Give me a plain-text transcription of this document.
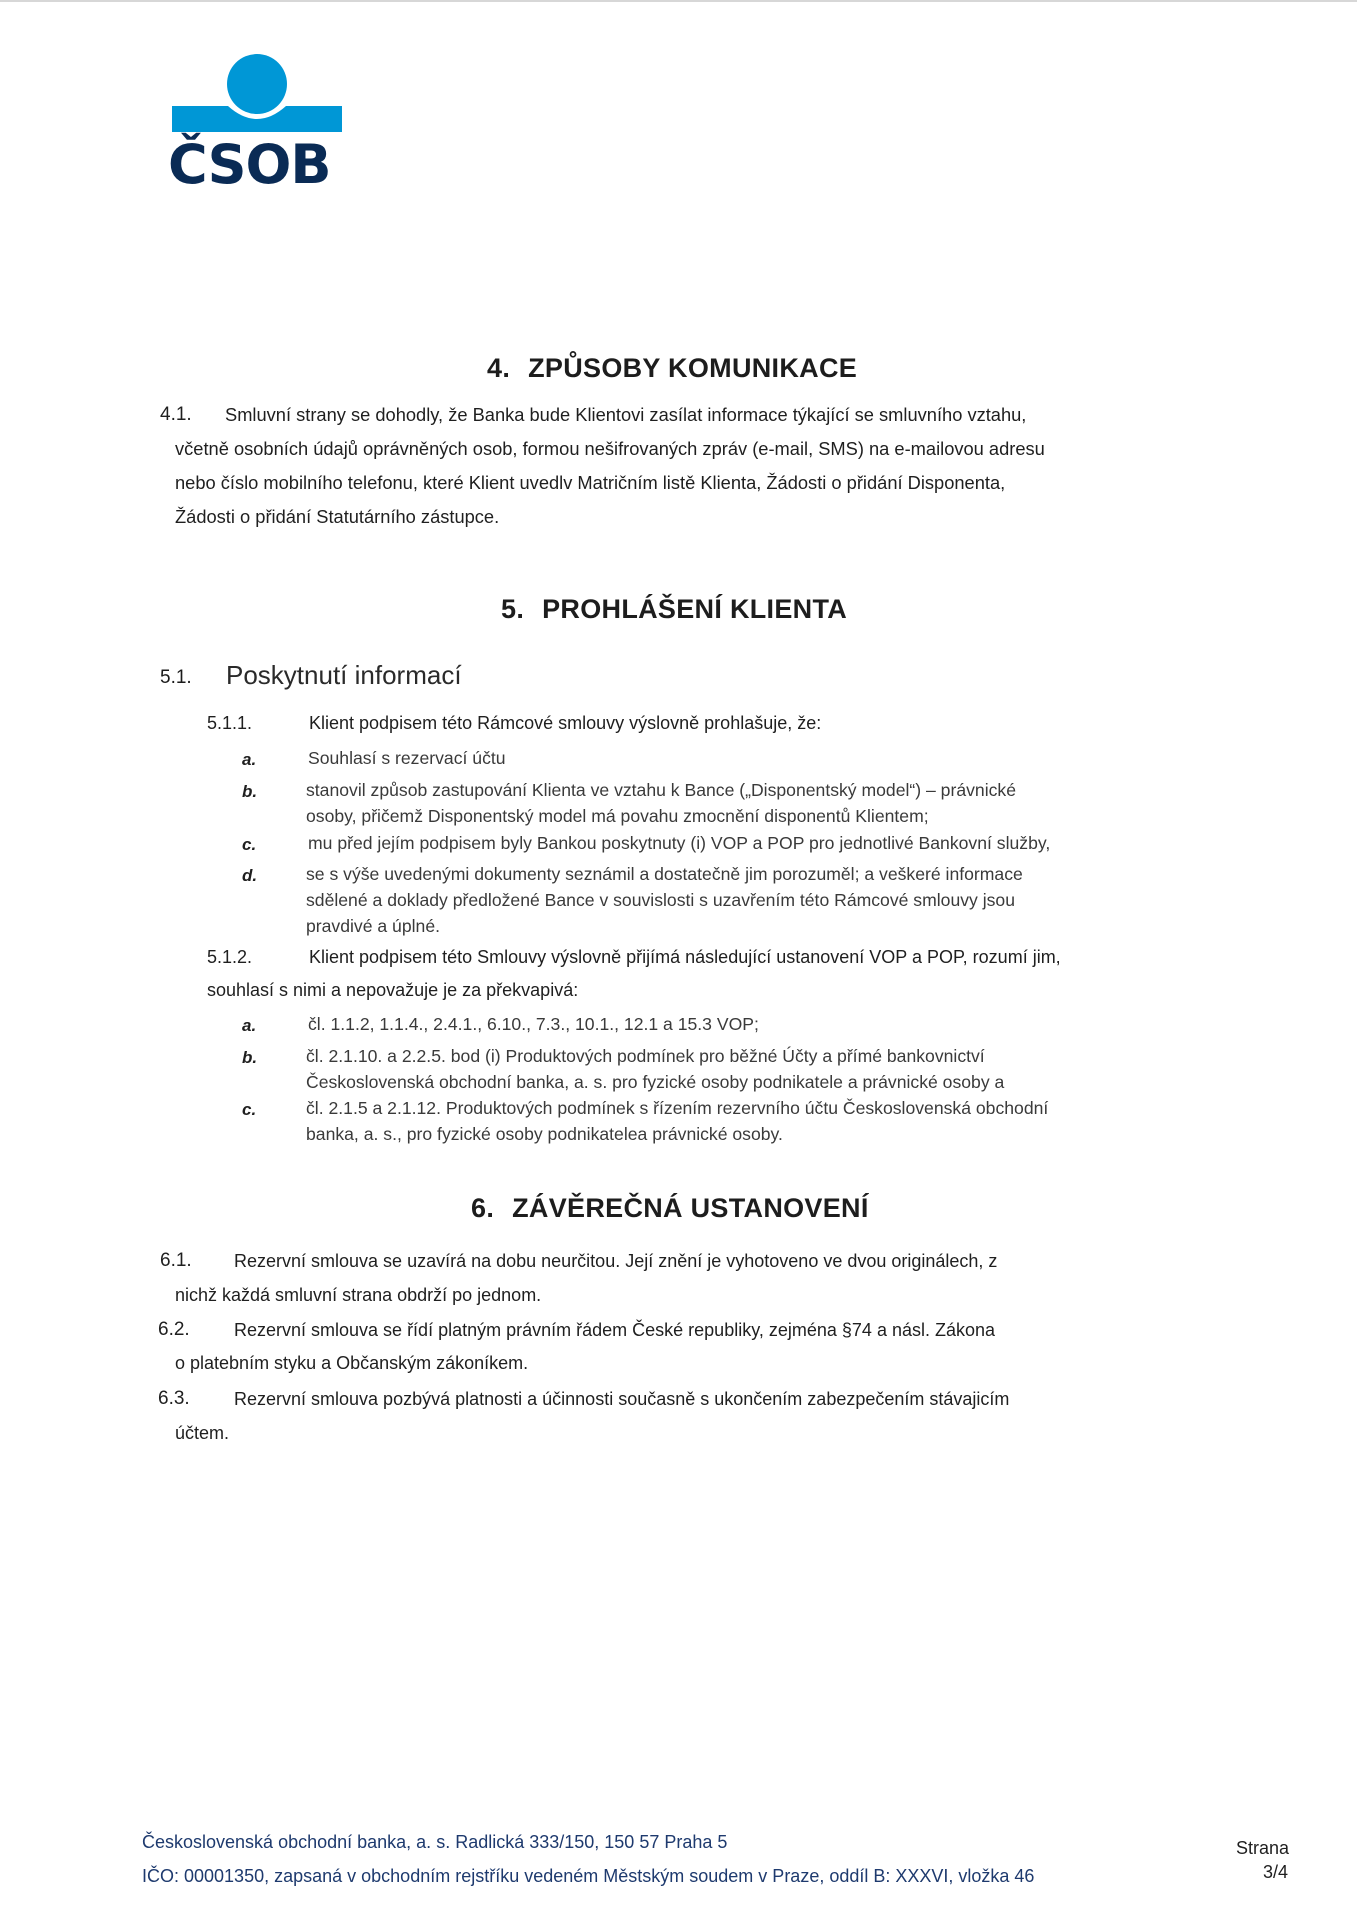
ČSOB
4. ZPŮSOBY KOMUNIKACE
4.1. Smluvní strany se dohodly, že Banka bude Klientovi zasílat informace týkající se smluvního vztahu,
včetně osobních údajů oprávněných osob, formou nešifrovaných zpráv (e-mail, SMS) na e-mailovou adresu
nebo číslo mobilního telefonu, které Klient uvedlv Matričním listě Klienta, Žádosti o přidání Disponenta,
Žádosti o přidání Statutárního zástupce.
5. PROHLÁŠENÍ KLIENTA
5.1. Poskytnutí informací
5.1.1.	Klient podpisem této Rámcové smlouvy výslovně prohlašuje, že:
a.	Souhlasí s rezervací účtu
b.	stanovil způsob zastupování Klienta ve vztahu k Bance („Disponentský model“) – právnické
osoby, přičemž Disponentský model má povahu zmocnění disponentů Klientem;
c.	mu před jejím podpisem byly Bankou poskytnuty (i) VOP a POP pro jednotlivé Bankovní služby,
d.	se s výše uvedenými dokumenty seznámil a dostatečně jim porozuměl; a veškeré informace
sdělené a doklady předložené Bance v souvislosti s uzavřením této Rámcové smlouvy jsou
pravdivé a úplné.
5.1.2.	Klient podpisem této Smlouvy výslovně přijímá následující ustanovení VOP a POP, rozumí jim,
souhlasí s nimi a nepovažuje je za překvapivá:
a.	čl. 1.1.2, 1.1.4., 2.4.1., 6.10., 7.3., 10.1., 12.1 a 15.3 VOP;
b.	čl. 2.1.10. a 2.2.5. bod (i) Produktových podmínek pro běžné Účty a přímé bankovnictví
Československá obchodní banka, a. s. pro fyzické osoby podnikatele a právnické osoby a
c.	čl. 2.1.5 a 2.1.12. Produktových podmínek s řízením rezervního účtu Československá obchodní
banka, a. s., pro fyzické osoby podnikatelea právnické osoby.
6. ZÁVĚREČNÁ USTANOVENÍ
6.1. Rezervní smlouva se uzavírá na dobu neurčitou. Její znění je vyhotoveno ve dvou originálech, z
nichž každá smluvní strana obdrží po jednom.
6.2. Rezervní smlouva se řídí platným právním řádem České republiky, zejména §74 a násl. Zákona
o platebním styku a Občanským zákoníkem.
6.3. Rezervní smlouva pozbývá platnosti a účinnosti současně s ukončením zabezpečením stávajicím
účtem.
Československá obchodní banka, a. s. Radlická 333/150, 150 57 Praha 5
IČO: 00001350, zapsaná v obchodním rejstříku vedeném Městským soudem v Praze, oddíl B: XXXVI, vložka 46
Strana
3/4
